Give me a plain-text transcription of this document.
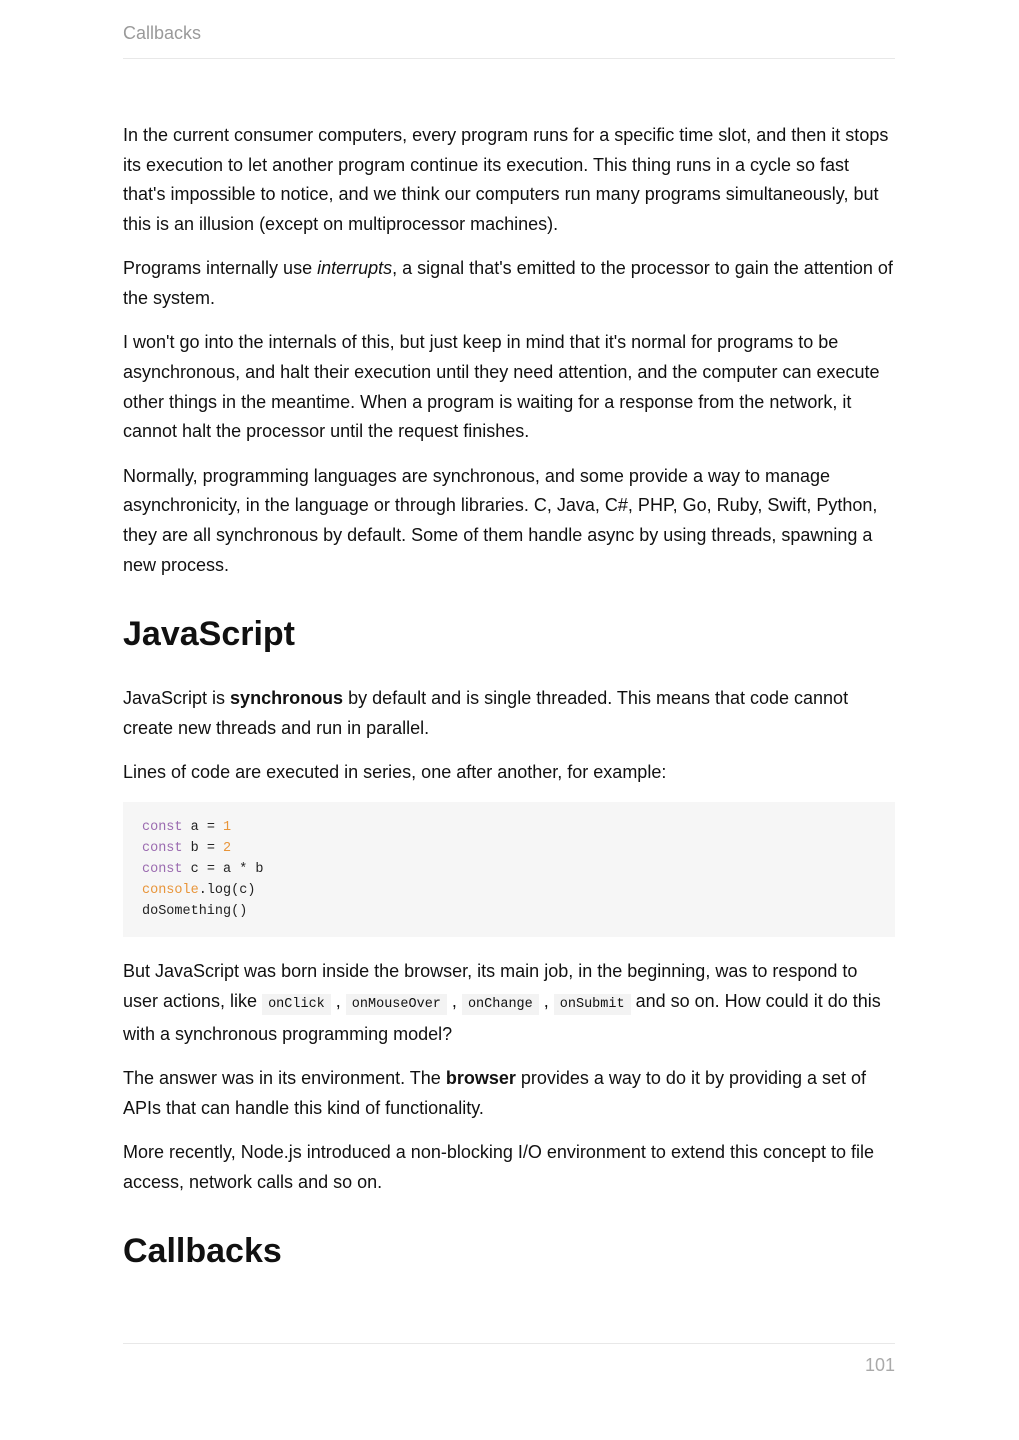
Callbacks

In the current consumer computers, every program runs for a specific time slot, and then it stops its execution to let another program continue its execution. This thing runs in a cycle so fast that's impossible to notice, and we think our computers run many programs simultaneously, but this is an illusion (except on multiprocessor machines).

Programs internally use interrupts, a signal that's emitted to the processor to gain the attention of the system.

I won't go into the internals of this, but just keep in mind that it's normal for programs to be asynchronous, and halt their execution until they need attention, and the computer can execute other things in the meantime. When a program is waiting for a response from the network, it cannot halt the processor until the request finishes.

Normally, programming languages are synchronous, and some provide a way to manage asynchronicity, in the language or through libraries. C, Java, C#, PHP, Go, Ruby, Swift, Python, they are all synchronous by default. Some of them handle async by using threads, spawning a new process.

JavaScript

JavaScript is synchronous by default and is single threaded. This means that code cannot create new threads and run in parallel.

Lines of code are executed in series, one after another, for example:

const a = 1
const b = 2
const c = a * b
console.log(c)
doSomething()

But JavaScript was born inside the browser, its main job, in the beginning, was to respond to user actions, like onClick , onMouseOver , onChange , onSubmit and so on. How could it do this with a synchronous programming model?

The answer was in its environment. The browser provides a way to do it by providing a set of APIs that can handle this kind of functionality.

More recently, Node.js introduced a non-blocking I/O environment to extend this concept to file access, network calls and so on.

Callbacks
101
